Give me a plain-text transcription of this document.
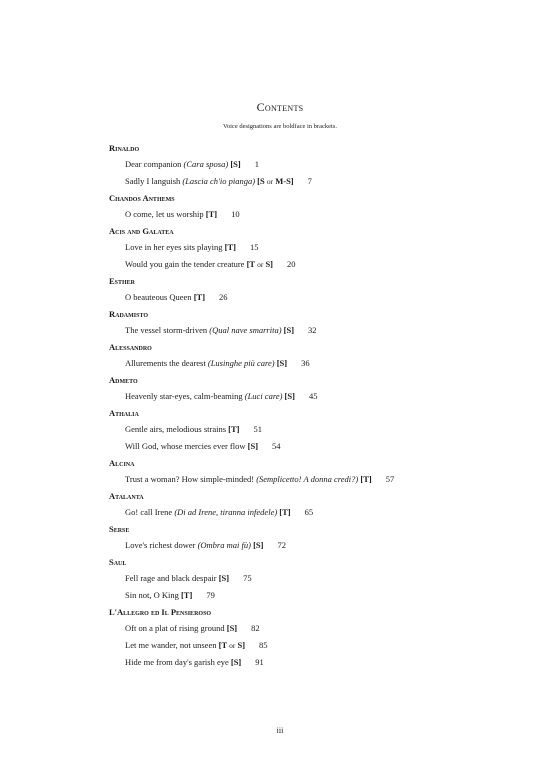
Contents
Voice designations are boldface in brackets.
Rinaldo
Dear companion (Cara sposa) [S] 1
Sadly I languish (Lascia ch'io pianga) [S or M-S] 7
Chandos Anthems
O come, let us worship [T] 10
Acis and Galatea
Love in her eyes sits playing [T] 15
Would you gain the tender creature [T or S] 20
Esther
O beauteous Queen [T] 26
Radamisto
The vessel storm-driven (Qual nave smarrita) [S] 32
Alessandro
Allurements the dearest (Lusinghe più care) [S] 36
Admeto
Heavenly star-eyes, calm-beaming (Luci care) [S] 45
Athalia
Gentle airs, melodious strains [T] 51
Will God, whose mercies ever flow [S] 54
Alcina
Trust a woman? How simple-minded! (Semplicetto! A donna credi?) [T] 57
Atalanta
Go! call Irene (Di ad Irene, tiranna infedele) [T] 65
Serse
Love's richest dower (Ombra mai fù) [S] 72
Saul
Fell rage and black despair [S] 75
Sin not, O King [T] 79
L'Allegro ed Il Pensieroso
Oft on a plat of rising ground [S] 82
Let me wander, not unseen [T or S] 85
Hide me from day's garish eye [S] 91
iii
